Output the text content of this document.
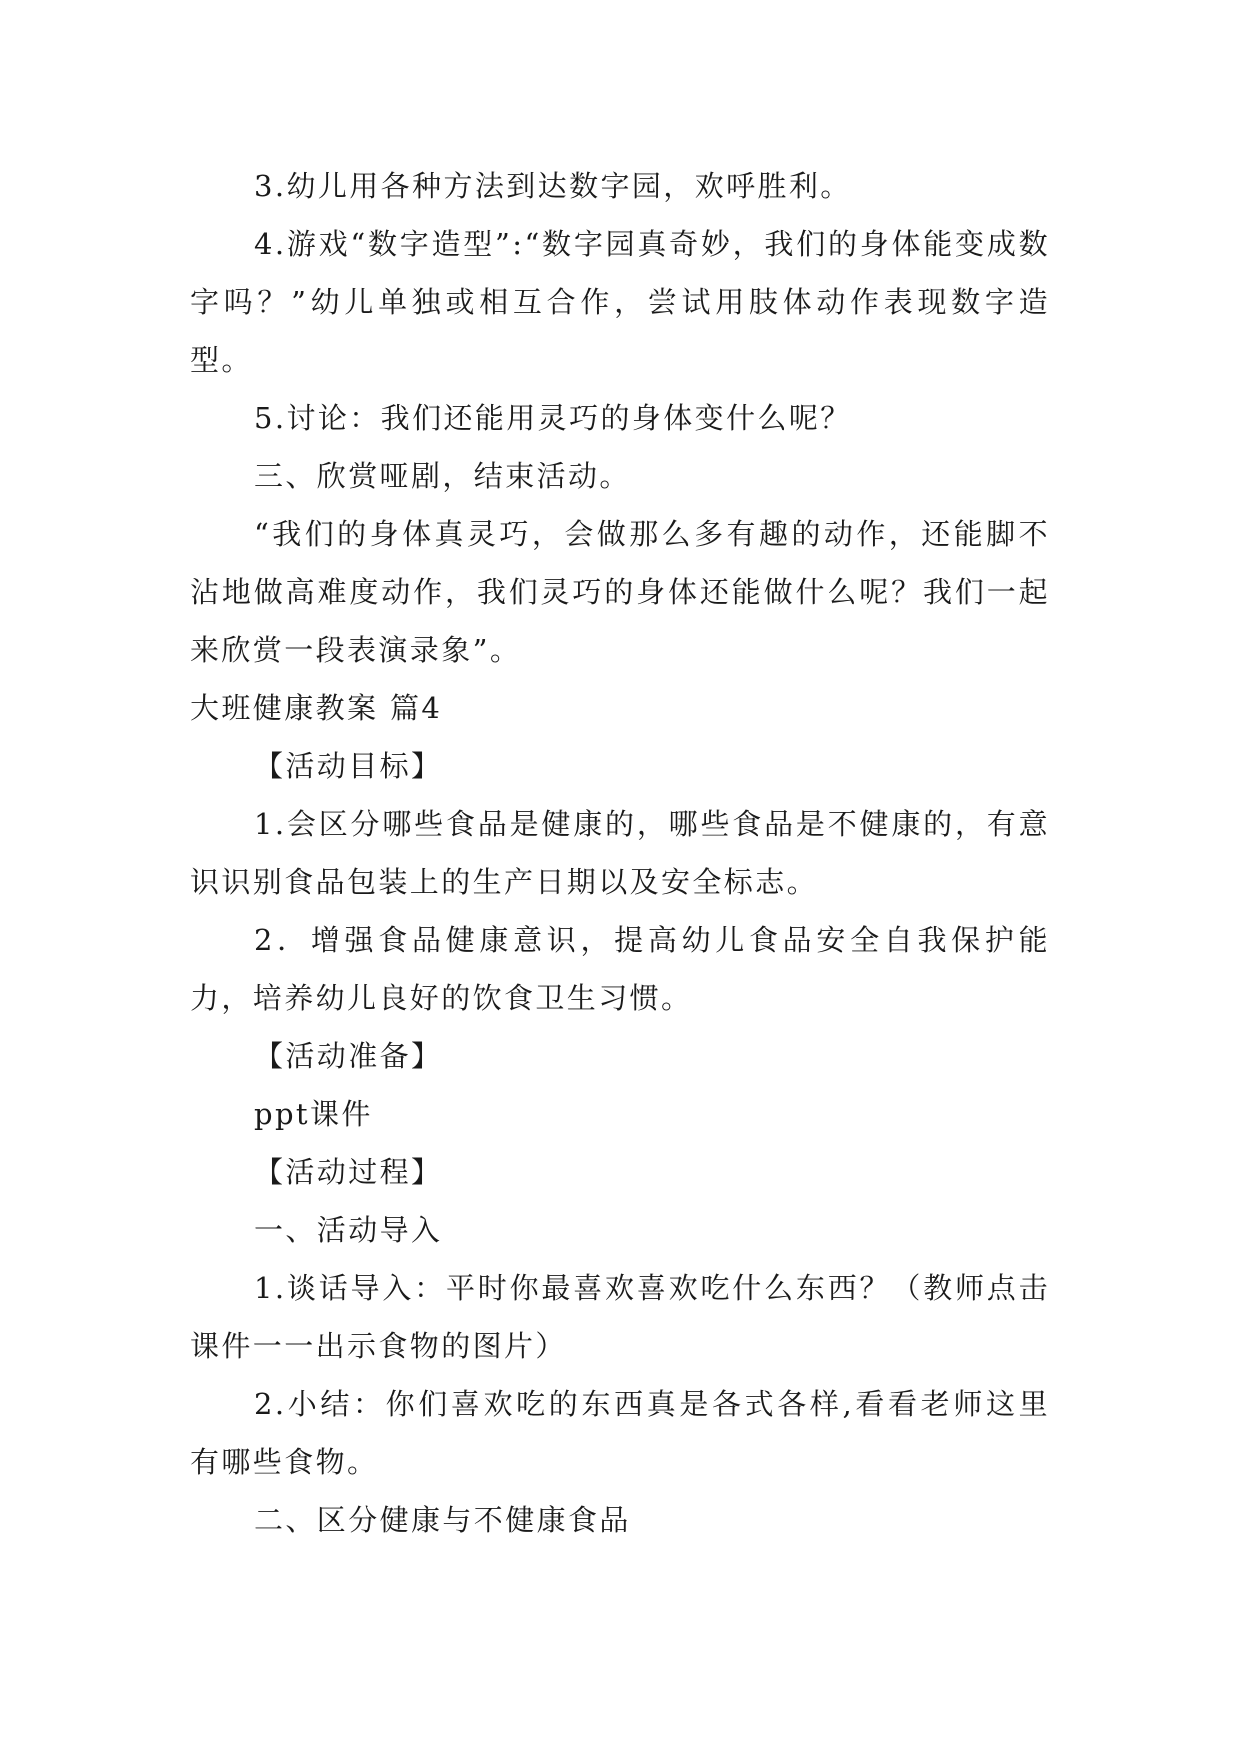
3.幼儿用各种方法到达数字园，欢呼胜利。

4.游戏“数字造型”:“数字园真奇妙，我们的身体能变成数字吗？”幼儿单独或相互合作，尝试用肢体动作表现数字造型。

5.讨论：我们还能用灵巧的身体变什么呢？

三、欣赏哑剧，结束活动。

“我们的身体真灵巧，会做那么多有趣的动作，还能脚不沾地做高难度动作，我们灵巧的身体还能做什么呢？我们一起来欣赏一段表演录象”。

大班健康教案 篇4

【活动目标】

1.会区分哪些食品是健康的，哪些食品是不健康的，有意识识别食品包装上的生产日期以及安全标志。

2．增强食品健康意识，提高幼儿食品安全自我保护能力，培养幼儿良好的饮食卫生习惯。

【活动准备】

ppt课件

【活动过程】

一、活动导入

1.谈话导入：平时你最喜欢喜欢吃什么东西？（教师点击课件一一出示食物的图片）

2.小结：你们喜欢吃的东西真是各式各样,看看老师这里有哪些食物。

二、区分健康与不健康食品
